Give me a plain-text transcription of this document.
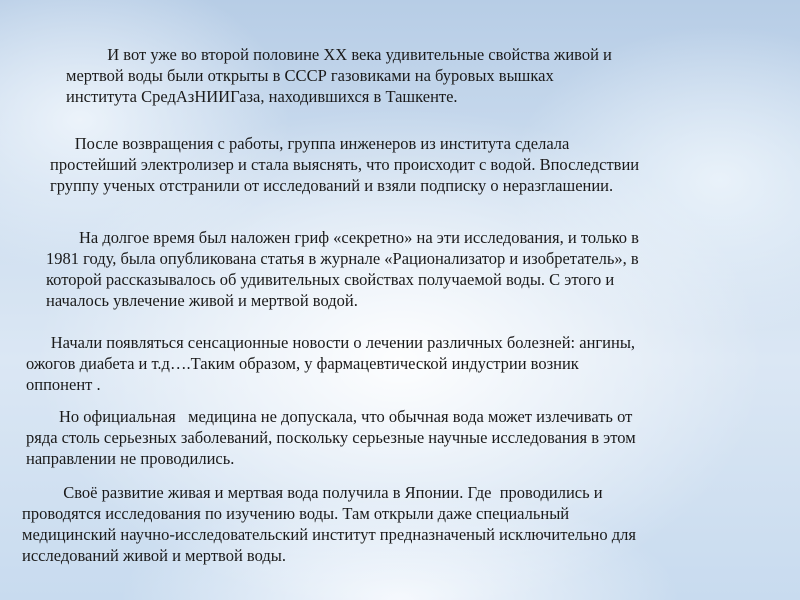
И вот уже во второй половине XX века удивительные свойства живой и
мертвой воды были открыты в СССР газовиками на буровых вышках
института СредАзНИИГаза, находившихся в Ташкенте.
После возвращения с работы, группа инженеров из института сделала
простейший электролизер и стала выяснять, что происходит с водой. Впоследствии
группу ученых отстранили от исследований и взяли подписку о неразглашении.
На долгое время был наложен гриф «секретно» на эти исследования, и только в
1981 году, была опубликована статья в журнале «Рационализатор и изобретатель», в
которой рассказывалось об удивительных свойствах получаемой воды. С этого и
началось увлечение живой и мертвой водой.
Начали появляться сенсационные новости о лечении различных болезней: ангины,
ожогов диабета и т.д….Таким образом, у фармацевтической индустрии возник
оппонент .
Но официальная   медицина не допускала, что обычная вода может излечивать от
ряда столь серьезных заболеваний, поскольку серьезные научные исследования в этом
направлении не проводились.
Своё развитие живая и мертвая вода получила в Японии. Где  проводились и
проводятся исследования по изучению воды. Там открыли даже специальный
медицинский научно-исследовательский институт предназначеный исключительно для
исследований живой и мертвой воды.
